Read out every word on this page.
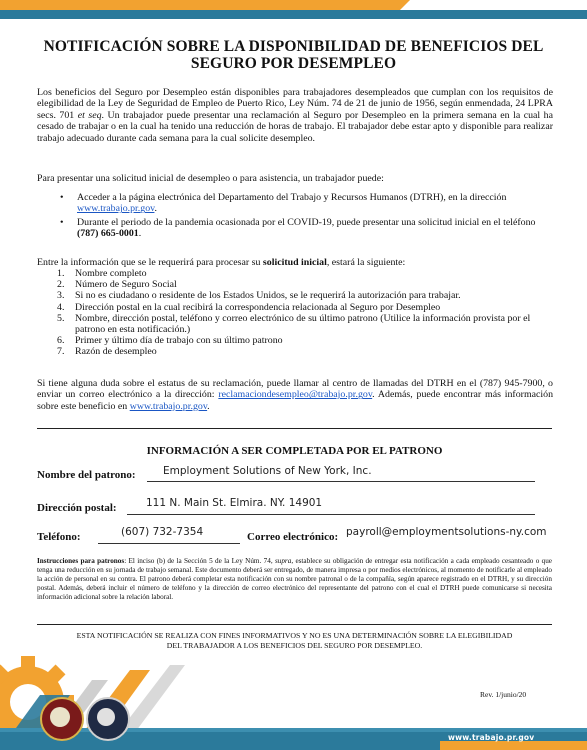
NOTIFICACIÓN SOBRE LA DISPONIBILIDAD DE BENEFICIOS DEL
SEGURO POR DESEMPLEO
Los beneficios del Seguro por Desempleo están disponibles para trabajadores desempleados que cumplan con los requisitos de elegibilidad de la Ley de Seguridad de Empleo de Puerto Rico, Ley Núm. 74 de 21 de junio de 1956, según enmendada, 24 LPRA secs. 701 et seq. Un trabajador puede presentar una reclamación al Seguro por Desempleo en la primera semana en la cual ha cesado de trabajar o en la cual ha tenido una reducción de horas de trabajo. El trabajador debe estar apto y disponible para realizar trabajo adecuado durante cada semana para la cual solicite desempleo.
Para presentar una solicitud inicial de desempleo o para asistencia, un trabajador puede:
• Acceder a la página electrónica del Departamento del Trabajo y Recursos Humanos (DTRH), en la dirección www.trabajo.pr.gov.
• Durante el periodo de la pandemia ocasionada por el COVID-19, puede presentar una solicitud inicial en el teléfono (787) 665-0001.
Entre la información que se le requerirá para procesar su solicitud inicial, estará la siguiente:
1. Nombre completo
2. Número de Seguro Social
3. Si no es ciudadano o residente de los Estados Unidos, se le requerirá la autorización para trabajar.
4. Dirección postal en la cual recibirá la correspondencia relacionada al Seguro por Desempleo
5. Nombre, dirección postal, teléfono y correo electrónico de su último patrono (Utilice la información provista por el patrono en esta notificación.)
6. Primer y último día de trabajo con su último patrono
7. Razón de desempleo
Si tiene alguna duda sobre el estatus de su reclamación, puede llamar al centro de llamadas del DTRH en el (787) 945-7900, o enviar un correo electrónico a la dirección: reclamaciondesempleo@trabajo.pr.gov. Además, puede encontrar más información sobre este beneficio en www.trabajo.pr.gov.
INFORMACIÓN A SER COMPLETADA POR EL PATRONO
Nombre del patrono:	Employment Solutions of New York, Inc.
Dirección postal:	111 N. Main St. Elmira. NY. 14901
Teléfono:	(607) 732-7354	Correo electrónico: payroll@employmentsolutions-ny.com
Instrucciones para patronos: El inciso (b) de la Sección 5 de la Ley Núm. 74, supra, establece su obligación de entregar esta notificación a cada empleado cesanteado o que tenga una reducción en su jornada de trabajo semanal. Este documento deberá ser entregado, de manera impresa o por medios electrónicos, al momento de notificarle al empleado la acción de personal en su contra. El patrono deberá completar esta notificación con su nombre patronal o de la compañía, según aparece registrado en el DTRH, y su dirección postal. Además, deberá incluir el número de teléfono y la dirección de correo electrónico del representante del patrono con el cual el DTRH puede comunicarse si necesita información adicional sobre la relación laboral.
ESTA NOTIFICACIÓN SE REALIZA CON FINES INFORMATIVOS Y NO ES UNA DETERMINACIÓN SOBRE LA ELEGIBILIDAD
DEL TRABAJADOR A LOS BENEFICIOS DEL SEGURO POR DESEMPLEO.
Rev. 1/junio/20
www.trabajo.pr.gov
